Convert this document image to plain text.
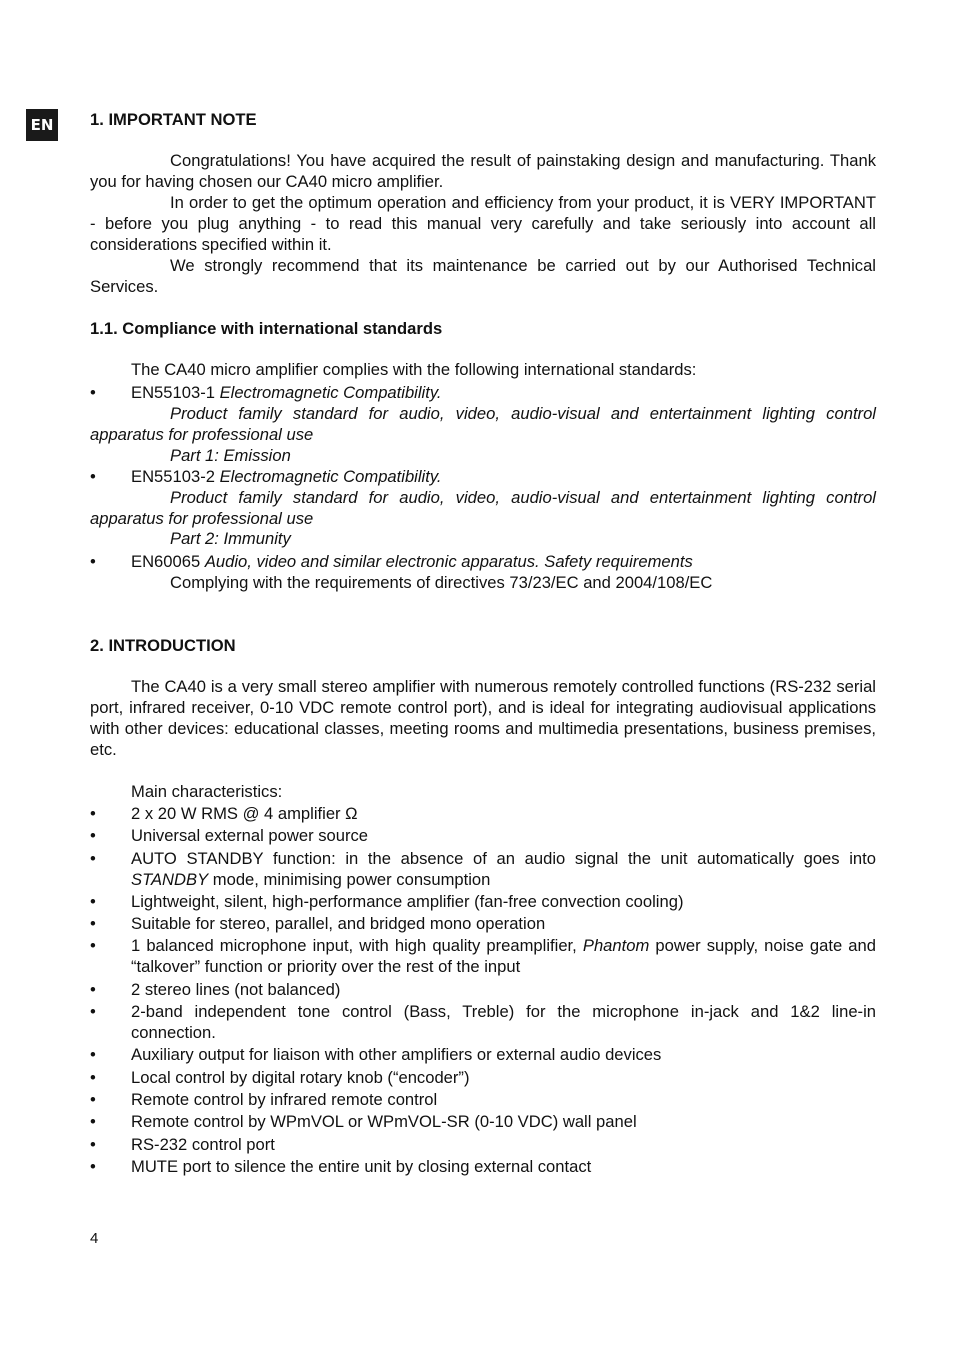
EN 1. IMPORTANT NOTE
Congratulations! You have acquired the result of painstaking design and manufacturing. Thank you for having chosen our CA40 micro amplifier.
In order to get the optimum operation and efficiency from your product, it is VERY IMPORTANT - before you plug anything - to read this manual very carefully and take seriously into account all considerations specified within it.
We strongly recommend that its maintenance be carried out by our Authorised Technical Services.
1.1. Compliance with international standards
The CA40 micro amplifier complies with the following international standards:
•	EN55103-1 Electromagnetic Compatibility.
Product family standard for audio, video, audio-visual and entertainment lighting control apparatus for professional use
Part 1: Emission
•	EN55103-2 Electromagnetic Compatibility.
Product family standard for audio, video, audio-visual and entertainment lighting control apparatus for professional use
Part 2: Immunity
•	EN60065 Audio, video and similar electronic apparatus. Safety requirements
Complying with the requirements of directives 73/23/EC and 2004/108/EC
2. INTRODUCTION
The CA40 is a very small stereo amplifier with numerous remotely controlled functions (RS-232 serial port, infrared receiver, 0-10 VDC remote control port), and is ideal for integrating audiovisual applications with other devices: educational classes, meeting rooms and multimedia presentations, business premises, etc.
Main characteristics:
•	2 x 20 W RMS @ 4 amplifier Ω
•	Universal external power source
•	AUTO STANDBY function: in the absence of an audio signal the unit automatically goes into STANDBY mode, minimising power consumption
•	Lightweight, silent, high-performance amplifier (fan-free convection cooling)
•	Suitable for stereo, parallel, and bridged mono operation
•	1 balanced microphone input, with high quality preamplifier, Phantom power supply, noise gate and “talkover” function or priority over the rest of the input
•	2 stereo lines (not balanced)
•	2-band independent tone control (Bass, Treble) for the microphone in-jack and 1&2 line-in connection.
•	Auxiliary output for liaison with other amplifiers or external audio devices
•	Local control by digital rotary knob (“encoder”)
•	Remote control by infrared remote control
•	Remote control by WPmVOL or WPmVOL-SR (0-10 VDC) wall panel
•	RS-232 control port
•	MUTE port to silence the entire unit by closing external contact
4
